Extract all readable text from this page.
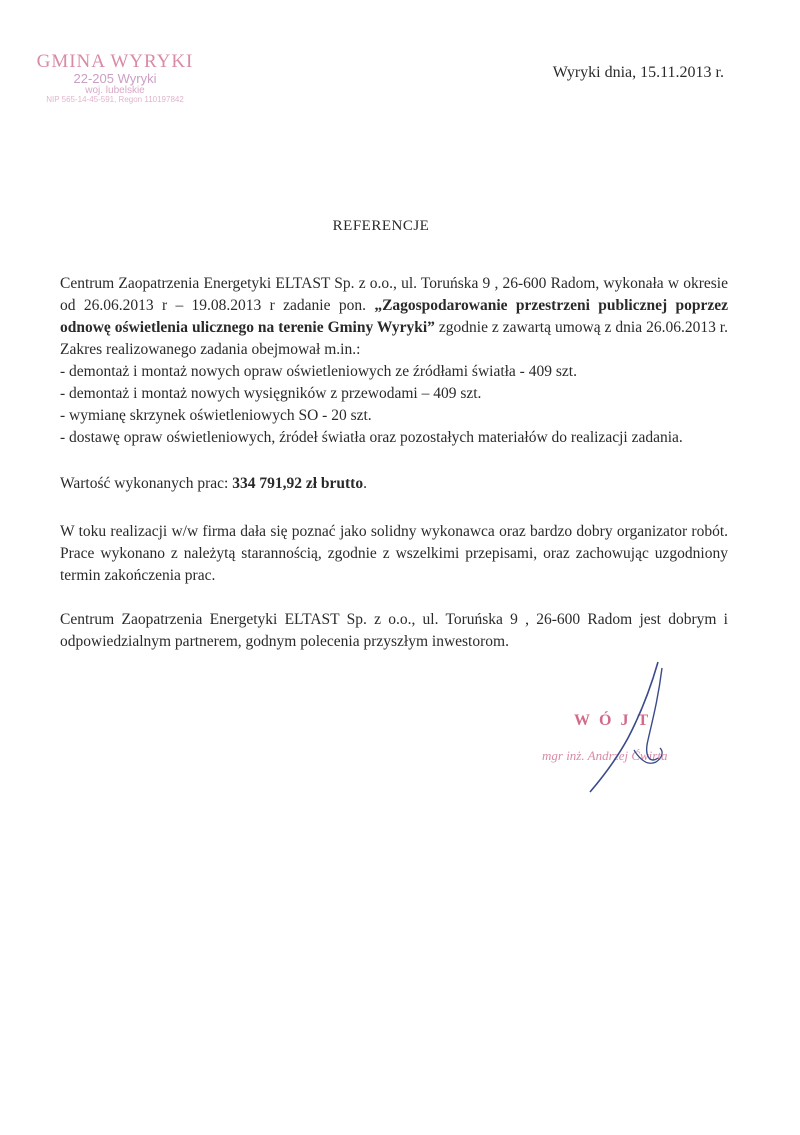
GMINA WYRYKI
22-205 Wyryki
woj. lubelskie
NIP 565-14-45-591, Regon 110197842
Wyryki dnia, 15.11.2013 r.
REFERENCJE

Centrum Zaopatrzenia Energetyki ELTAST Sp. z o.o., ul. Toruńska 9 , 26-600 Radom, wykonała w okresie od 26.06.2013 r – 19.08.2013 r zadanie pon. „Zagospodarowanie przestrzeni publicznej poprzez odnowę oświetlenia ulicznego na terenie Gminy Wyryki” zgodnie z zawartą umową z dnia 26.06.2013 r. Zakres realizowanego zadania obejmował m.in.:

- demontaż i montaż nowych opraw oświetleniowych ze źródłami światła - 409 szt.
- demontaż i montaż nowych wysięgników z przewodami – 409 szt.
- wymianę skrzynek oświetleniowych SO - 20 szt.
- dostawę opraw oświetleniowych, źródeł światła oraz pozostałych materiałów do realizacji zadania.

Wartość wykonanych prac: 334 791,92 zł brutto.

W toku realizacji w/w firma dała się poznać jako solidny wykonawca oraz bardzo dobry organizator robót. Prace wykonano z należytą starannością, zgodnie z wszelkimi przepisami, oraz zachowując uzgodniony termin zakończenia prac.

Centrum Zaopatrzenia Energetyki ELTAST Sp. z o.o., ul. Toruńska 9 , 26-600 Radom jest dobrym i odpowiedzialnym partnerem, godnym polecenia przyszłym inwestorom.

WÓJT
mgr inż. Andrzej Ćwirta
